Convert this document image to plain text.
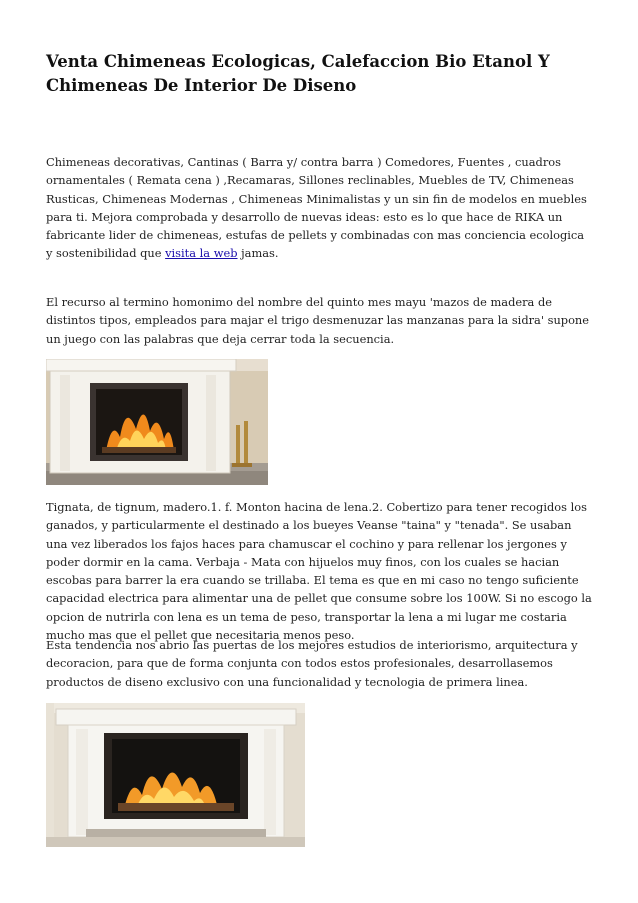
Venta Chimeneas Ecologicas, Calefaccion Bio Etanol Y Chimeneas De Interior De Diseno

Chimeneas decorativas, Cantinas ( Barra y/ contra barra ) Comedores, Fuentes , cuadros ornamentales ( Remata cena ) ,Recamaras, Sillones reclinables, Muebles de TV, Chimeneas Rusticas, Chimeneas Modernas , Chimeneas Minimalistas y un sin fin de modelos en muebles para ti. Mejora comprobada y desarrollo de nuevas ideas: esto es lo que hace de RIKA un fabricante lider de chimeneas, estufas de pellets y combinadas con mas conciencia ecologica y sostenibilidad que visita la web jamas.

El recurso al termino homonimo del nombre del quinto mes mayu 'mazos de madera de distintos tipos, empleados para majar el trigo desmenuzar las manzanas para la sidra' supone un juego con las palabras que deja cerrar toda la secuencia.

Tignata, de tignum, madero.1. f. Monton hacina de lena.2. Cobertizo para tener recogidos los ganados, y particularmente el destinado a los bueyes Veanse "taina" y "tenada". Se usaban una vez liberados los fajos haces para chamuscar el cochino y para rellenar los jergones y poder dormir en la cama. Verbaja - Mata con hijuelos muy finos, con los cuales se hacian escobas para barrer la era cuando se trillaba. El tema es que en mi caso no tengo suficiente capacidad electrica para alimentar una de pellet que consume sobre los 100W. Si no escogo la opcion de nutrirla con lena es un tema de peso, transportar la lena a mi lugar me costaria mucho mas que el pellet que necesitaria menos peso.

Esta tendencia nos abrio las puertas de los mejores estudios de interiorismo, arquitectura y decoracion, para que de forma conjunta con todos estos profesionales, desarrollasemos productos de diseno exclusivo con una funcionalidad y tecnologia de primera linea.
